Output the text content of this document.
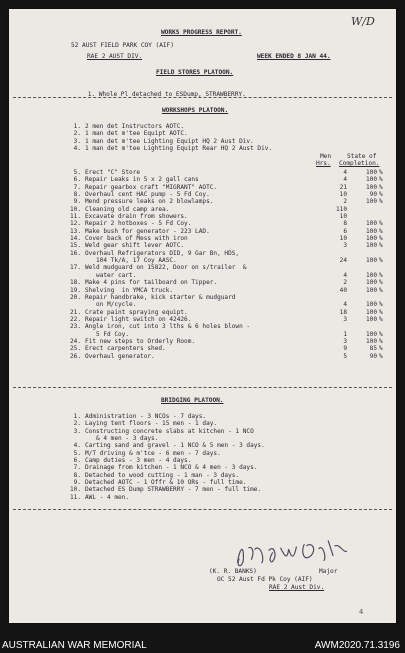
W/D
WORKS PROGRESS REPORT.
52 AUST FIELD PARK COY (AIF)
RAE 2 AUST DIV.	WEEK ENDED 8 JAN 44.
FIELD STORES PLATOON.

1. Whole Pl detached to ESDump, STRAWBERRY.

WORKSHOPS PLATOON.
1. 2 men det Instructors AOTC.
2. 1 man det m'tee Equipt AOTC.
3. 1 man det m'tee Lighting Equipt HQ 2 Aust Div.
4. 1 man det m'tee Lighting Equipt Rear HQ 2 Aust Div.
Men
Hrs.
State of
Completion.
5. Erect "C" Store	4	100 %
6. Repair Leaks in 5 x 2 gall cans	4	100 %
7. Repair gearbox craft "MIGRANT" AOTC.	21	100 %
8. Overhaul cent HAC pump - 5 Fd Coy.	10	90 %
9. Mend pressure leaks on 2 blowlamps.	2	100 %
10. Cleaning old camp area.	110
11. Excavate drain from showers.	10
12. Repair 2 hotboxes - 5 Fd Coy.	8	100 %
13. Make bush for generator - 223 LAD.	6	100 %
14. Cover back of Mess with iron	10	100 %
15. Weld gear shift lever AOTC.	3	100 %
16. Overhaul Refrigerators DID, 9 Gar Bn, HDS,
104 Tk/A, 17 Coy AASC.	24	100 %
17. Weld mudguard on 15822, Door on s/trailer  &
water cart.	4	100 %
18. Make 4 pins for tailboard on Tipper.	2	100 %
19. Shelving  in YMCA truck.	40	100 %
20. Repair handbrake, kick starter & mudguard
on M/cycle.	4	100 %
21. Crate paint spraying equipt.	18	100 %
22. Repair light switch on 42426.	3	100 %
23. Angle iron, cut into 3 lths & 6 holes blown -
5 Fd Coy.	1	100 %
24. Fit new steps to Orderly Room.	3	100 %
25. Erect carpenters shed.	9	85 %
26. Overhaul generator.	5	90 %
BRIDGING PLATOON.
1. Administration - 3 NCOs - 7 days.
2. Laying tent floors - 15 men - 1 day.
3. Constructing concrete slabs at kitchen - 1 NCO
& 4 men - 3 days.
4. Carting sand and gravel - 1 NCO & 5 men - 3 days.
5. M/T driving & m'tce - 6 men - 7 days.
6. Camp duties - 3 men - 4 days.
7. Drainage from kitchen - 1 NCO & 4 men - 3 days.
8. Detached to wood cutting - 1 man - 3 days.
9. Detached AOTC - 1 Offr & 10 ORs - full time.
10. Detached ES Dump STRAWBERRY - 7 men - full time.
11. AWL - 4 men.
(K. R. BANKS)	Major
OC 52 Aust Fd Pk Coy (AIF)
RAE 2 Aust Div.
4
AUSTRALIAN WAR MEMORIAL	AWM2020.71.3196
